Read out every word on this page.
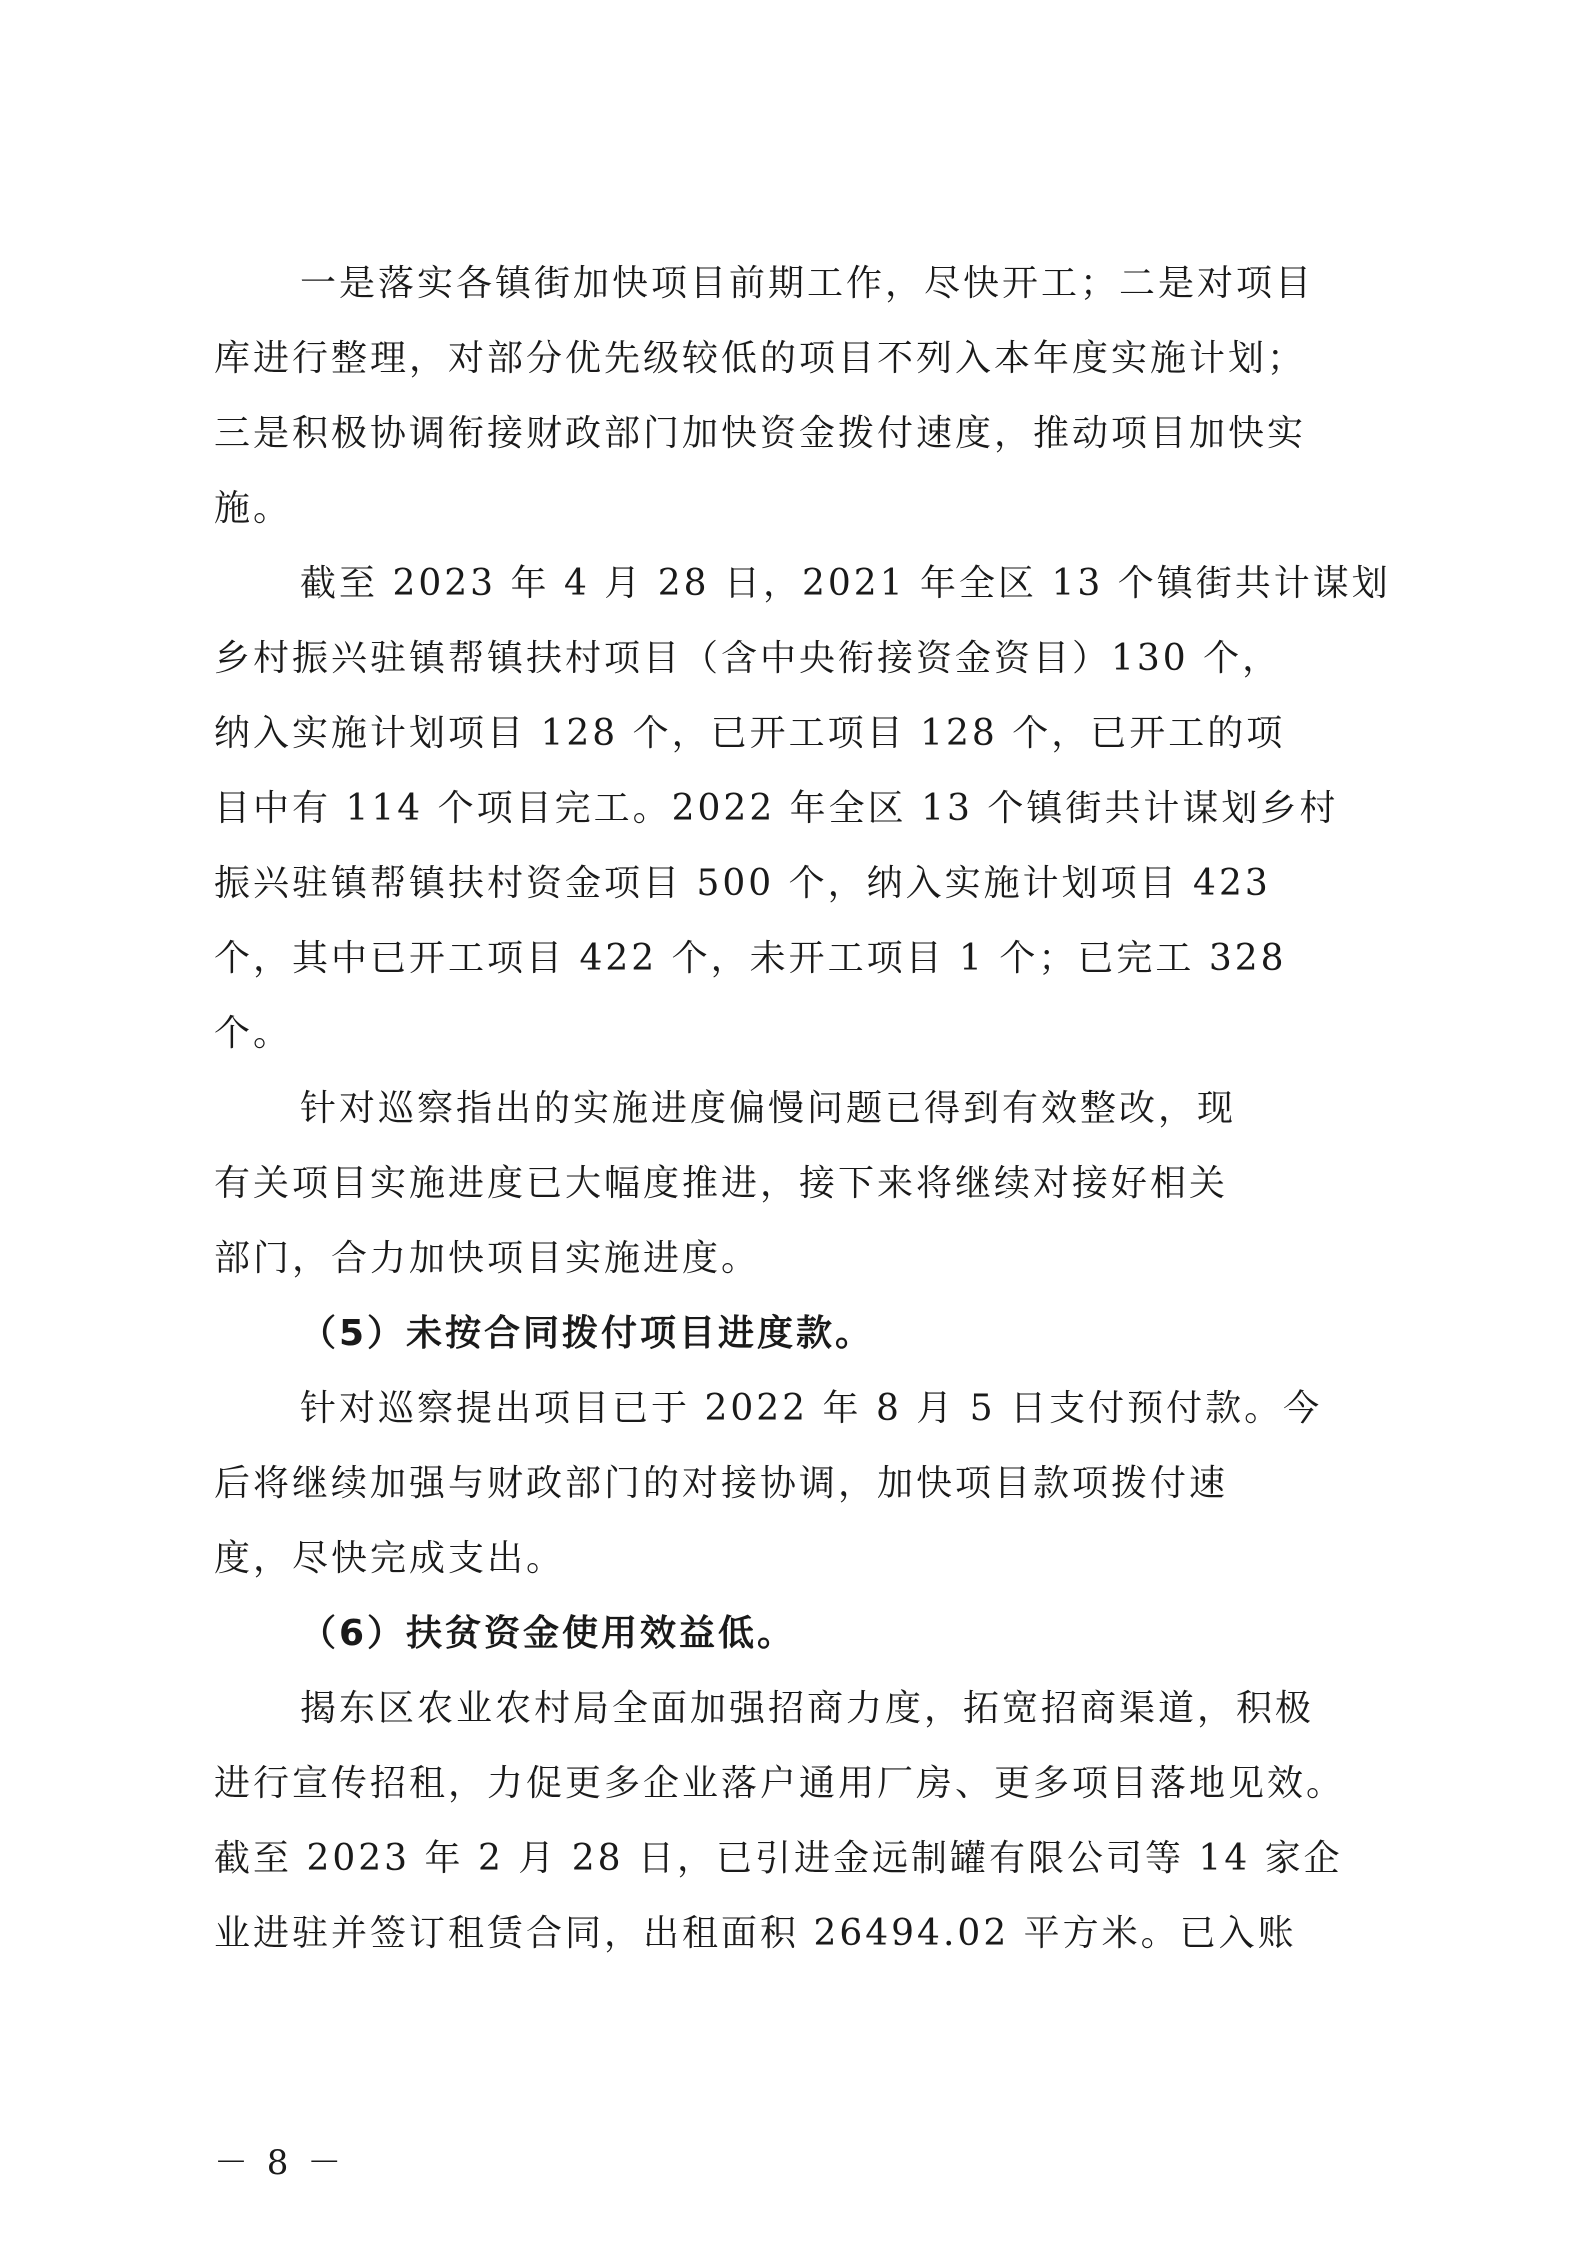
一是落实各镇街加快项目前期工作，尽快开工；二是对项目
库进行整理，对部分优先级较低的项目不列入本年度实施计划；
三是积极协调衔接财政部门加快资金拨付速度，推动项目加快实
施。
截至 2023 年 4 月 28 日，2021 年全区 13 个镇街共计谋划
乡村振兴驻镇帮镇扶村项目（含中央衔接资金资目）130 个，
纳入实施计划项目 128 个，已开工项目 128 个，已开工的项
目中有 114 个项目完工。2022 年全区 13 个镇街共计谋划乡村
振兴驻镇帮镇扶村资金项目 500 个，纳入实施计划项目 423
个，其中已开工项目 422 个，未开工项目 1 个；已完工 328
个。
针对巡察指出的实施进度偏慢问题已得到有效整改，现
有关项目实施进度已大幅度推进，接下来将继续对接好相关
部门，合力加快项目实施进度。
（5）未按合同拨付项目进度款。
针对巡察提出项目已于 2022 年 8 月 5 日支付预付款。今
后将继续加强与财政部门的对接协调，加快项目款项拨付速
度，尽快完成支出。
（6）扶贫资金使用效益低。
揭东区农业农村局全面加强招商力度，拓宽招商渠道，积极
进行宣传招租，力促更多企业落户通用厂房、更多项目落地见效。
截至 2023 年 2 月 28 日，已引进金远制罐有限公司等 14 家企
业进驻并签订租赁合同，出租面积 26494.02 平方米。已入账
－ 8 －
